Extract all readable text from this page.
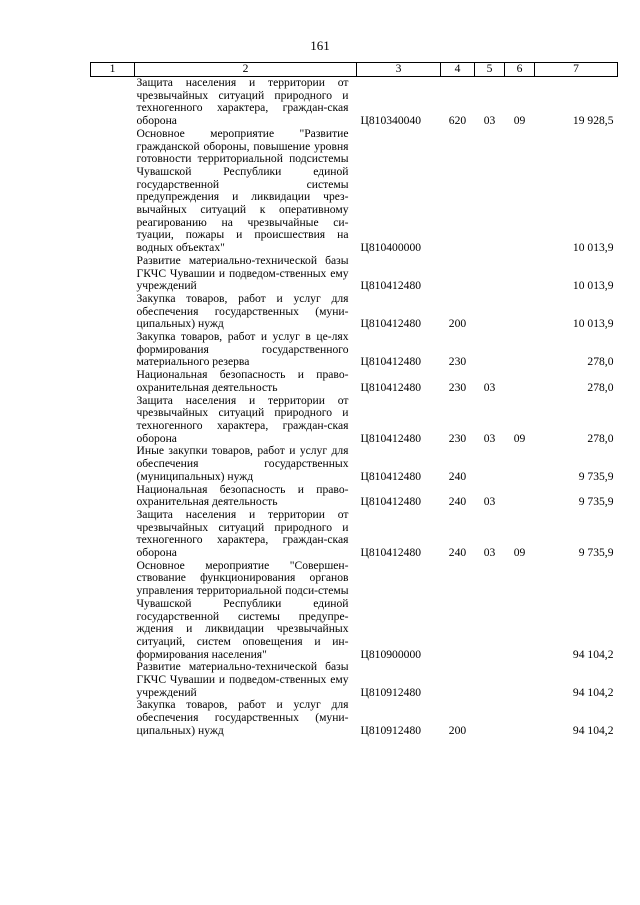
161
1	2	3	4	5	6	7
	Защита населения и территории от чрезвычайных ситуаций природного и техногенного характера, граждан-ская оборона	Ц810340040	620	03	09	19 928,5
	Основное мероприятие "Развитие гражданской обороны, повышение уровня готовности территориальной подсистемы Чувашской Республики единой государственной системы предупреждения и ликвидации чрез-вычайных ситуаций к оперативному реагированию на чрезвычайные си-туации, пожары и происшествия на водных объектах"	Ц810400000				10 013,9
	Развитие материально-технической базы ГКЧС Чувашии и подведом-ственных ему учреждений	Ц810412480				10 013,9
	Закупка товаров, работ и услуг для обеспечения государственных (муни-ципальных) нужд	Ц810412480	200			10 013,9
	Закупка товаров, работ и услуг в це-лях формирования государственного материального резерва	Ц810412480	230			278,0
	Национальная безопасность и право-охранительная деятельность	Ц810412480	230	03		278,0
	Защита населения и территории от чрезвычайных ситуаций природного и техногенного характера, граждан-ская оборона	Ц810412480	230	03	09	278,0
	Иные закупки товаров, работ и услуг для обеспечения государственных (муниципальных) нужд	Ц810412480	240			9 735,9
	Национальная безопасность и право-охранительная деятельность	Ц810412480	240	03		9 735,9
	Защита населения и территории от чрезвычайных ситуаций природного и техногенного характера, граждан-ская оборона	Ц810412480	240	03	09	9 735,9
	Основное мероприятие "Совершен-ствование функционирования органов управления территориальной подси-стемы Чувашской Республики единой государственной системы предупре-ждения и ликвидации чрезвычайных ситуаций, систем оповещения и ин-формирования населения"	Ц810900000				94 104,2
	Развитие материально-технической базы ГКЧС Чувашии и подведом-ственных ему учреждений	Ц810912480				94 104,2
	Закупка товаров, работ и услуг для обеспечения государственных (муни-ципальных) нужд	Ц810912480	200			94 104,2
